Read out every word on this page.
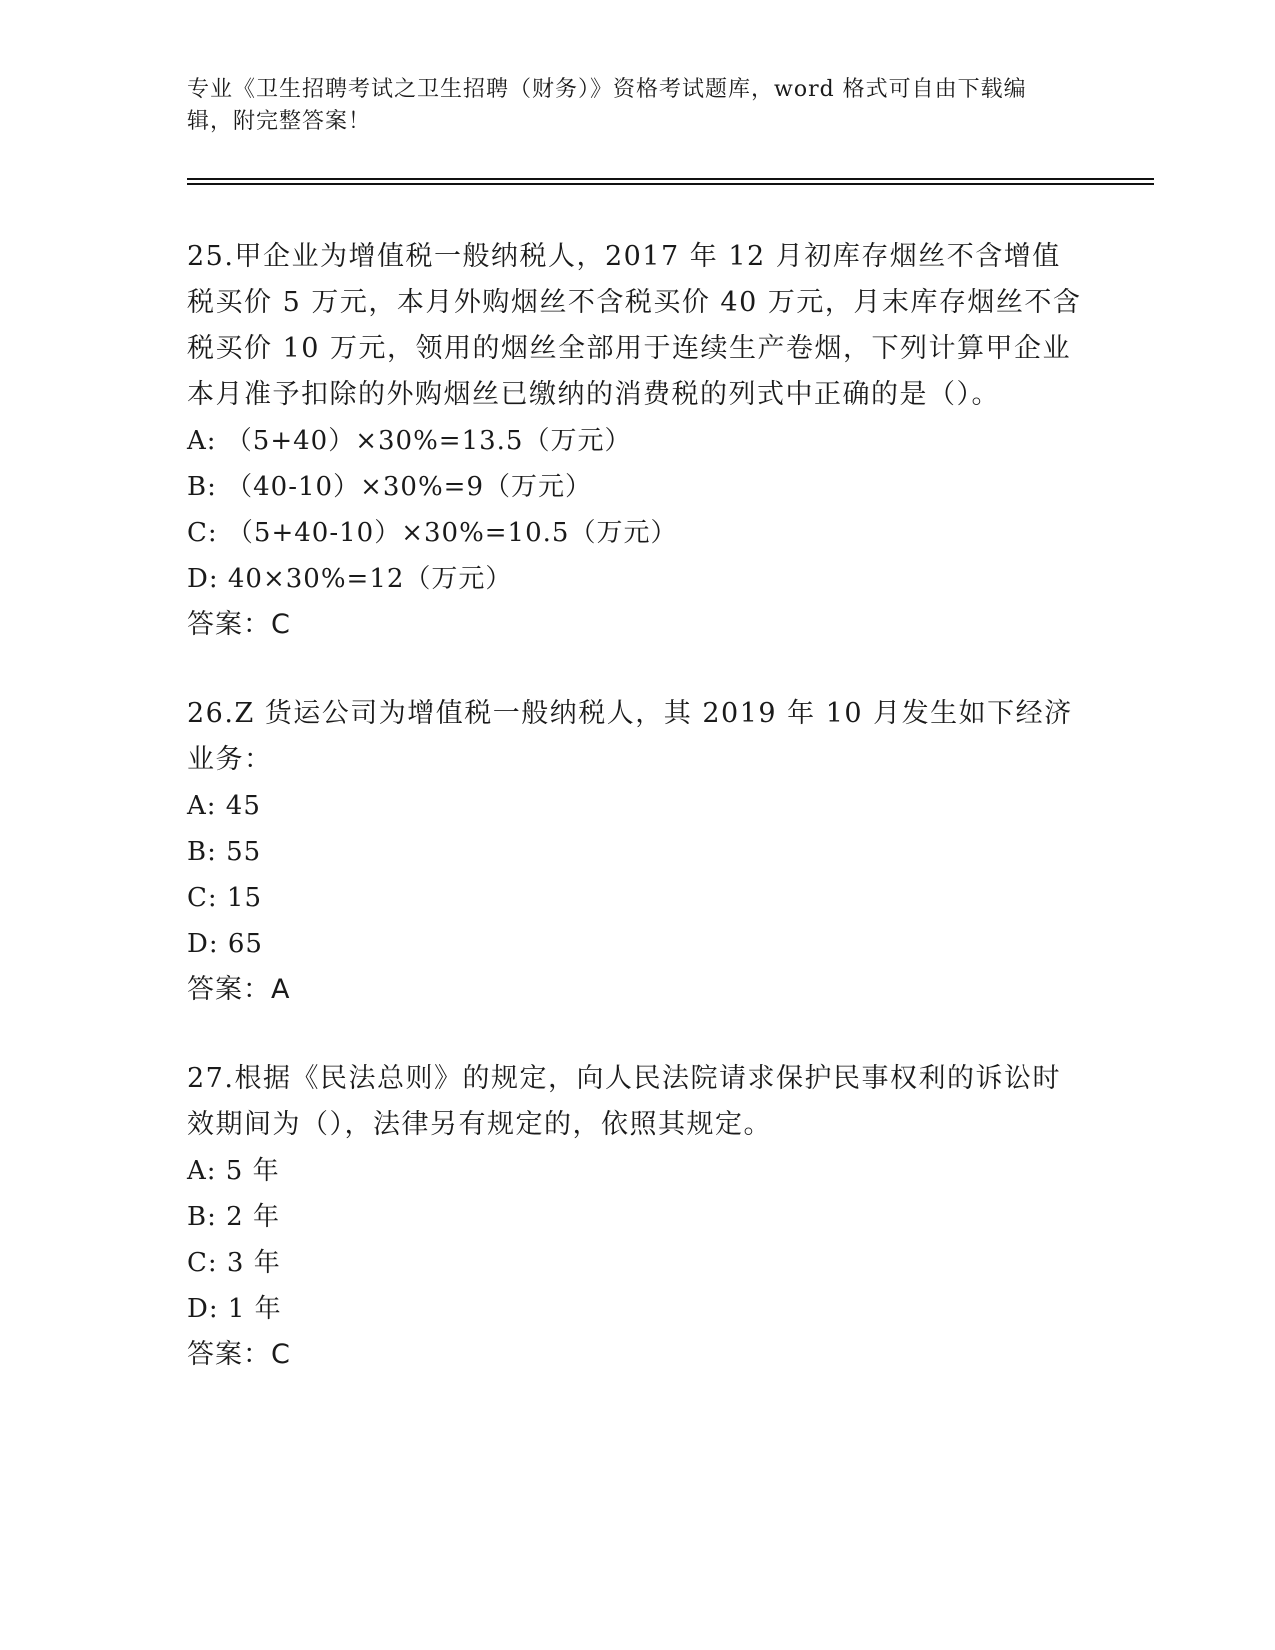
专业《卫生招聘考试之卫生招聘（财务）》资格考试题库，word 格式可自由下载编辑，附完整答案！
25.甲企业为增值税一般纳税人，2017 年 12 月初库存烟丝不含增值税买价 5 万元，本月外购烟丝不含税买价 40 万元，月末库存烟丝不含税买价 10 万元，领用的烟丝全部用于连续生产卷烟，下列计算甲企业本月准予扣除的外购烟丝已缴纳的消费税的列式中正确的是（）。
A: （5+40）×30%=13.5（万元）
B: （40-10）×30%=9（万元）
C: （5+40-10）×30%=10.5（万元）
D: 40×30%=12（万元）
答案：C
26.Z 货运公司为增值税一般纳税人，其 2019 年 10 月发生如下经济业务：
A: 45
B: 55
C: 15
D: 65
答案：A
27.根据《民法总则》的规定，向人民法院请求保护民事权利的诉讼时效期间为（），法律另有规定的，依照其规定。
A: 5 年
B: 2 年
C: 3 年
D: 1 年
答案：C
